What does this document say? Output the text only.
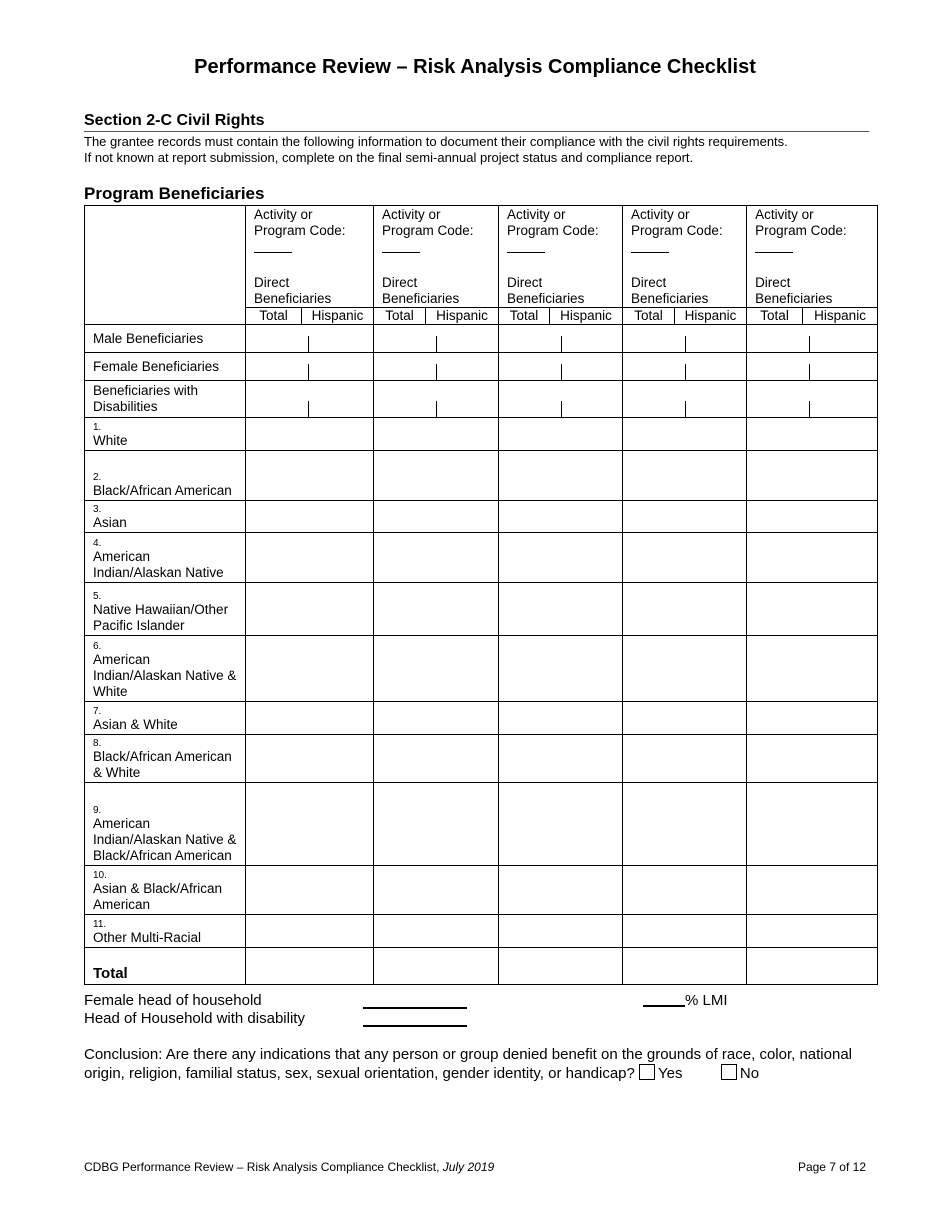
Performance Review – Risk Analysis Compliance Checklist
Section 2-C Civil Rights
The grantee records must contain the following information to document their compliance with the civil rights requirements.
If not known at report submission, complete on the final semi-annual project status and compliance report.
Program Beneficiaries

	Activity or
Program Code:

Direct
Beneficiaries		Activity or
Program Code:

Direct
Beneficiaries		Activity or
Program Code:

Direct
Beneficiaries		Activity or
Program Code:

Direct
Beneficiaries		Activity or
Program Code:

Direct
Beneficiaries	

	Total	Hispanic	Total	Hispanic	Total	Hispanic	Total	Hispanic	Total	Hispanic
Male Beneficiaries						

Female Beneficiaries						

Beneficiaries with Disabilities						

1.
White										

2.
Black/African American										

3.
Asian										

4.
American Indian/Alaskan Native										

5.
Native Hawaiian/Other Pacific Islander										

6.
American Indian/Alaskan Native & White										

7.
Asian & White										

8.
Black/African American & White										

9.
American Indian/Alaskan Native & Black/African American										

10.
Asian & Black/African American										

11.
Other Multi-Racial										
Total										
Female head of household
Head of Household with disability
% LMI
Conclusion: Are there any indications that any person or group denied benefit on the grounds of race, color, national origin, religion, familial status, sex, sexual orientation, gender identity, or handicap? Yes	No
CDBG Performance Review – Risk Analysis Compliance Checklist, July 2019	Page 7 of 12
